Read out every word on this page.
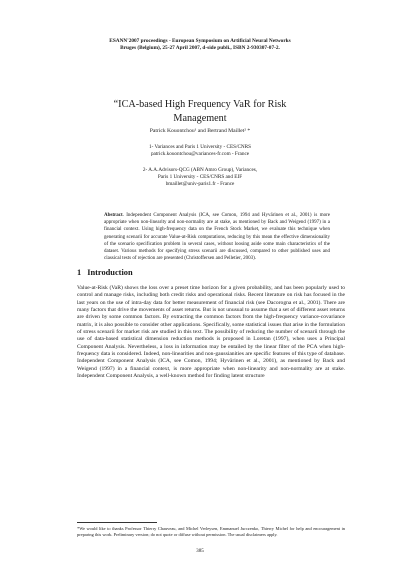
ESANN'2007 proceedings - European Symposium on Artificial Neural Networks
Bruges (Belgium), 25-27 April 2007, d-side publi., ISBN 2-930307-07-2.
“ICA-based High Frequency VaR for Risk
Management
Patrick Kouontchou¹ and Bertrand Maillet² *
1- Variances and Paris 1 University - CES/CNRS
patrick.kouontchou@variances-fr.com - France
2- A.A.Advisors-QCG (ABN Amro Group), Variances,
Paris 1 University - CES/CNRS and EIF
bmaillet@univ-paris1.fr - France
Abstract. Independent Component Analysis (ICA, see Comon, 1994 and Hyvärinen et al., 2001) is more appropriate when non-linearity and non-normality are at stake, as mentioned by Back and Weigend (1997) in a financial context. Using high-frequency data on the French Stock Market, we evaluate this technique when generating scenarii for accurate Value-at-Risk computations, reducing by this mean the effective dimensionality of the scenario specification problem in several cases, without loosing aside some main characteristics of the dataset. Various methods for specifying stress scenarii are discussed, compared to other published uses and classical tests of rejection are presented (Christoffersen and Pelletier, 2003).
1 Introduction
Value-at-Risk (VaR) shows the loss over a preset time horizon for a given probability, and has been popularly used to control and manage risks, including both credit risks and operational risks. Recent literature on risk has focused in the last years on the use of intra-day data for better measurement of financial risk (see Dacorogna et al., 2001). There are many factors that drive the movements of asset returns. But is not unusual to assume that a set of different asset returns are driven by some common factors. By extracting the common factors from the high-frequency variance-covariance matrix, it is also possible to consider other applications. Specifically, some statistical issues that arise in the formulation of stress scenarii for market risk are studied in this text. The possibility of reducing the number of scenarii through the use of data-based statistical dimension reduction methods is proposed in Loretan (1997), when uses a Principal Component Analysis. Nevertheless, a loss in information may be entailed by the linear filter of the PCA when high-frequency data is considered. Indeed, non-linearities and non-gaussianities are specific features of this type of database. Independent Component Analysis (ICA, see Comon, 1994; Hyvärinen et al., 2001), as mentioned by Back and Weigend (1997) in a financial context, is more appropriate when non-linearity and non-normality are at stake. Independent Component Analysis, a well-known method for finding latent structure
*We would like to thanks Professor Thierry Chauveau, and Michel Verleysen, Emmanuel Jurczenko, Thierry Michel for help and encouragement in preparing this work. Preliminary version; do not quote or diffuse without permission. The usual disclaimers apply.
385
